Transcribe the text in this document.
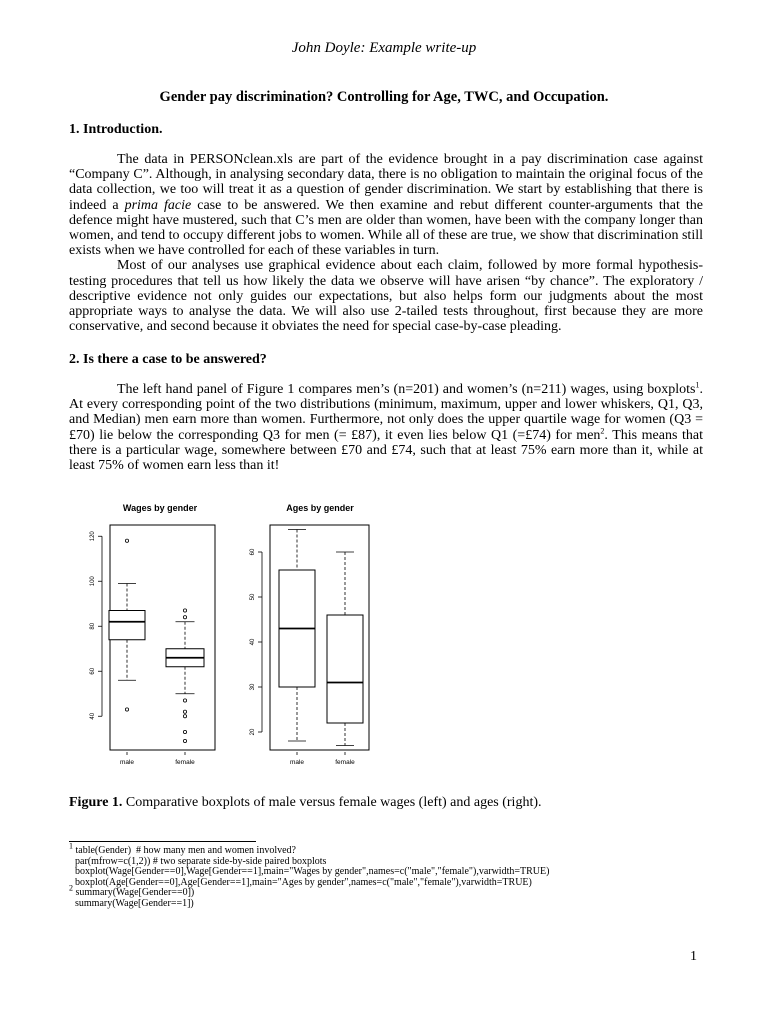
John Doyle: Example write-up
Gender pay discrimination? Controlling for Age, TWC, and Occupation.
1. Introduction.

The data in PERSONclean.xls are part of the evidence brought in a pay discrimination case against “Company C”. Although, in analysing secondary data, there is no obligation to maintain the original focus of the data collection, we too will treat it as a question of gender discrimination. We start by establishing that there is indeed a prima facie case to be answered. We then examine and rebut different counter-arguments that the defence might have mustered, such that C’s men are older than women, have been with the company longer than women, and tend to occupy different jobs to women. While all of these are true, we show that discrimination still exists when we have controlled for each of these variables in turn.

Most of our analyses use graphical evidence about each claim, followed by more formal hypothesis-testing procedures that tell us how likely the data we observe will have arisen “by chance”. The exploratory / descriptive evidence not only guides our expectations, but also helps form our judgments about the most appropriate ways to analyse the data. We will also use 2-tailed tests throughout, first because they are more conservative, and second because it obviates the need for special case-by-case pleading.

2. Is there a case to be answered?

The left hand panel of Figure 1 compares men’s (n=201) and women’s (n=211) wages, using boxplots$^1$. At every corresponding point of the two distributions (minimum, maximum, upper and lower whiskers, Q1, Q3, and Median) men earn more than women. Furthermore, not only does the upper quartile wage for women (Q3 = £70) lie below the corresponding Q3 for men (= £87), it even lies below Q1 (=£74) for men$^2$. This means that there is a particular wage, somewhere between £70 and £74, such that at least 75% earn more than it, while at least 75% of women earn less than it!

Wages by gender
40
60
80
100
120
male	female
Ages by gender
20
30
40
50
60
male	female
Figure 1. Comparative boxplots of male versus female wages (left) and ages (right).
$^1$ table(Gender)  # how many men and women involved?
par(mfrow=c(1,2)) # two separate side-by-side paired boxplots
boxplot(Wage[Gender==0],Wage[Gender==1],main="Wages by gender",names=c("male","female"),varwidth=TRUE)
boxplot(Age[Gender==0],Age[Gender==1],main="Ages by gender",names=c("male","female"),varwidth=TRUE)
$^2$ summary(Wage[Gender==0])
summary(Wage[Gender==1])
1
